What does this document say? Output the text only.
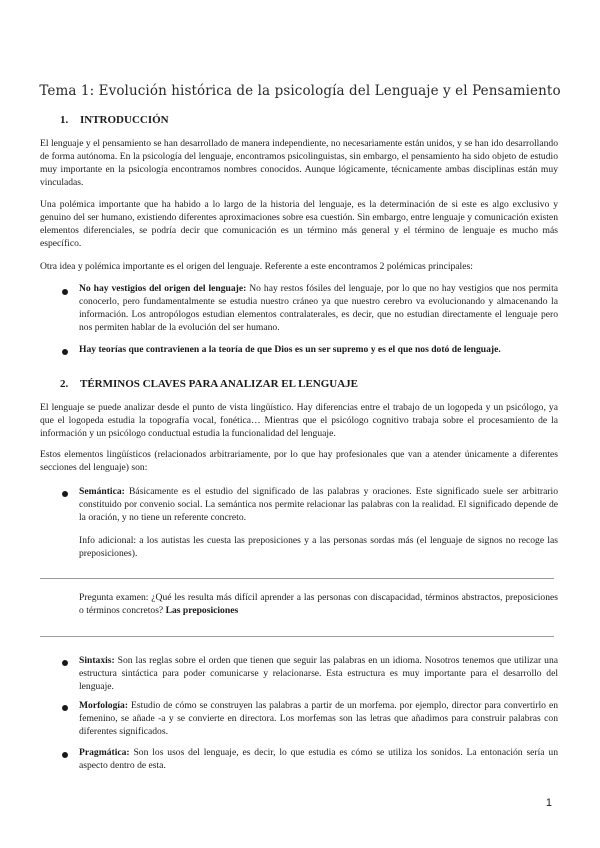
Tema 1: Evolución histórica de la psicología del Lenguaje y el Pensamiento
1. INTRODUCCIÓN
El lenguaje y el pensamiento se han desarrollado de manera independiente, no necesariamente están unidos, y se han ido desarrollando de forma autónoma. En la psicología del lenguaje, encontramos psicolinguistas, sin embargo, el pensamiento ha sido objeto de estudio muy importante en la psicología encontramos nombres conocidos. Aunque lógicamente, técnicamente ambas disciplinas están muy vinculadas.
Una polémica importante que ha habido a lo largo de la historia del lenguaje, es la determinación de si este es algo exclusivo y genuino del ser humano, existiendo diferentes aproximaciones sobre esa cuestión. Sin embargo, entre lenguaje y comunicación existen elementos diferenciales, se podría decir que comunicación es un término más general y el término de lenguaje es mucho más específico.
Otra idea y polémica importante es el origen del lenguaje. Referente a este encontramos 2 polémicas principales:
No hay vestigios del origen del lenguaje: No hay restos fósiles del lenguaje, por lo que no hay vestigios que nos permita conocerlo, pero fundamentalmente se estudia nuestro cráneo ya que nuestro cerebro va evolucionando y almacenando la información. Los antropólogos estudian elementos contralaterales, es decir, que no estudian directamente el lenguaje pero nos permiten hablar de la evolución del ser humano.
Hay teorías que contravienen a la teoría de que Dios es un ser supremo y es el que nos dotó de lenguaje.
2. TÉRMINOS CLAVES PARA ANALIZAR EL LENGUAJE
El lenguaje se puede analizar desde el punto de vista lingüístico. Hay diferencias entre el trabajo de un logopeda y un psicólogo, ya que el logopeda estudia la topografía vocal, fonética… Mientras que el psicólogo cognitivo trabaja sobre el procesamiento de la información y un psicólogo conductual estudia la funcionalidad del lenguaje.
Estos elementos lingüísticos (relacionados arbitrariamente, por lo que hay profesionales que van a atender únicamente a diferentes secciones del lenguaje) son:
Semántica: Básicamente es el estudio del significado de las palabras y oraciones. Este significado suele ser arbitrario constituido por convenio social. La semántica nos permite relacionar las palabras con la realidad. El significado depende de la oración, y no tiene un referente concreto.
Info adicional: a los autistas les cuesta las preposiciones y a las personas sordas más (el lenguaje de signos no recoge las preposiciones).
Pregunta examen: ¿Qué les resulta más difícil aprender a las personas con discapacidad, términos abstractos, preposiciones o términos concretos? Las preposiciones
Sintaxis: Son las reglas sobre el orden que tienen que seguir las palabras en un idioma. Nosotros tenemos que utilizar una estructura sintáctica para poder comunicarse y relacionarse. Esta estructura es muy importante para el desarrollo del lenguaje.
Morfología: Estudio de cómo se construyen las palabras a partir de un morfema. por ejemplo, director para convertirlo en femenino, se añade -a y se convierte en directora. Los morfemas son las letras que añadimos para construir palabras con diferentes significados.
Pragmática: Son los usos del lenguaje, es decir, lo que estudia es cómo se utiliza los sonidos. La entonación sería un aspecto dentro de esta.
1
